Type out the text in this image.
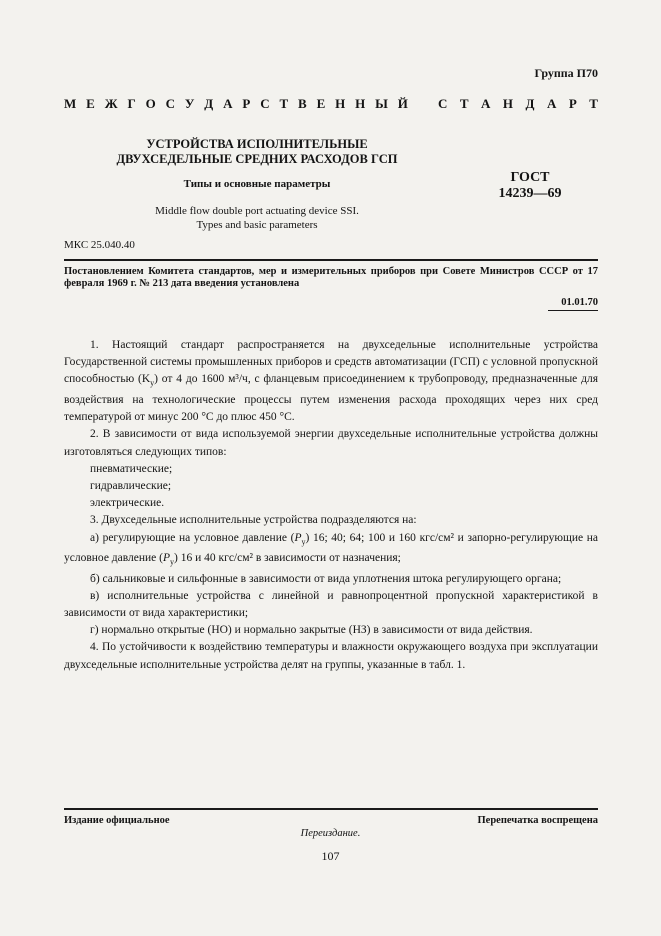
Группа П70
М Е Ж Г О С У Д А Р С Т В Е Н Н Ы Й С Т А Н Д А Р Т
УСТРОЙСТВА ИСПОЛНИТЕЛЬНЫЕ
ДВУХСЕДЕЛЬНЫЕ СРЕДНИХ РАСХОДОВ ГСП
Типы и основные параметры
Middle flow double port actuating device SSI.
Types and basic parameters
ГОСТ
14239—69
МКС 25.040.40
Постановлением Комитета стандартов, мер и измерительных приборов при Совете Министров СССР от 17 февраля 1969 г. № 213 дата введения установлена
01.01.70

1. Настоящий стандарт распространяется на двухседельные исполнительные устройства Государственной системы промышленных приборов и средств автоматизации (ГСП) с условной пропускной способностью $(K_у)$ от 4 до 1600 м³/ч, с фланцевым присоединением к трубопроводу, предназначенные для воздействия на технологические процессы путем изменения расхода проходящих через них сред температурой от минус 200 °С до плюс 450 °С.

2. В зависимости от вида используемой энергии двухседельные исполнительные устройства должны изготовляться следующих типов:

пневматические;

гидравлические;

электрические.

3. Двухседельные исполнительные устройства подразделяются на:

а) регулирующие на условное давление $(P_у)$ 16; 40; 64; 100 и 160 кгс/см² и запорно-регулирующие на условное давление $(P_у)$ 16 и 40 кгс/см² в зависимости от назначения;

б) сальниковые и сильфонные в зависимости от вида уплотнения штока регулирующего органа;

в) исполнительные устройства с линейной и равнопроцентной пропускной характеристикой в зависимости от вида характеристики;

г) нормально открытые (НО) и нормально закрытые (НЗ) в зависимости от вида действия.

4. По устойчивости к воздействию температуры и влажности окружающего воздуха при эксплуатации двухседельные исполнительные устройства делят на группы, указанные в табл. 1.

Издание официальное	Перепечатка воспрещена
Переиздание.
107
